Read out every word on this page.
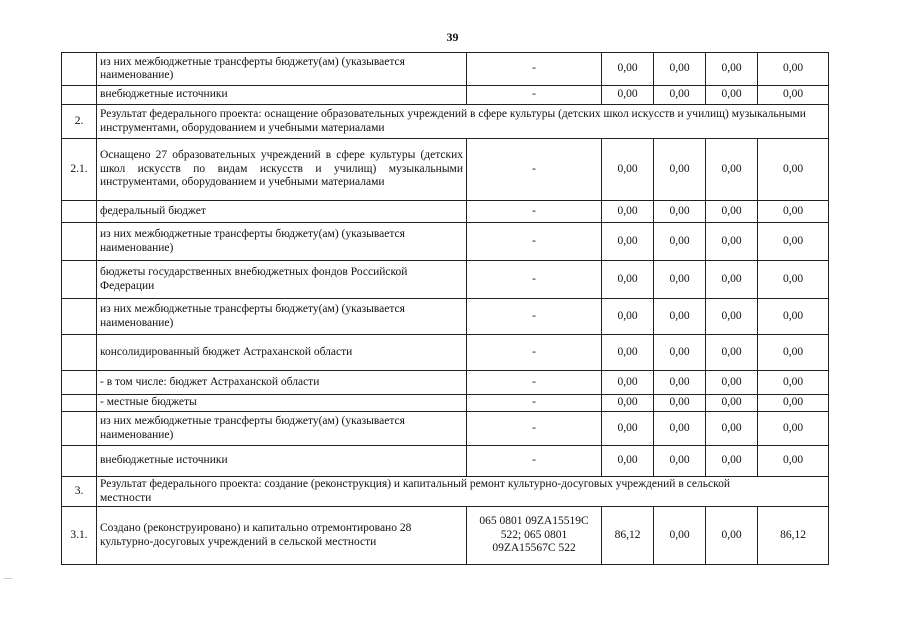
39
	из них межбюджетные трансферты бюджету(ам) (указывается наименование)	-	0,00	0,00	0,00	0,00
	внебюджетные источники	-	0,00	0,00	0,00	0,00
2.	Результат федерального проекта: оснащение образовательных учреждений в сфере культуры (детских школ искусств и училищ) музыкальными инструментами, оборудованием и учебными материалами					
2.1.	Оснащено 27 образовательных учреждений в сфере культуры (детских школ искусств по видам искусств и училищ) музыкальными инструментами, оборудованием и учебными материалами	-	0,00	0,00	0,00	0,00
	федеральный бюджет	-	0,00	0,00	0,00	0,00
	из них межбюджетные трансферты бюджету(ам) (указывается наименование)	-	0,00	0,00	0,00	0,00
	бюджеты государственных внебюджетных фондов Российской Федерации	-	0,00	0,00	0,00	0,00
	из них межбюджетные трансферты бюджету(ам) (указывается наименование)	-	0,00	0,00	0,00	0,00
	консолидированный бюджет Астраханской области	-	0,00	0,00	0,00	0,00
	- в том числе: бюджет Астраханской области	-	0,00	0,00	0,00	0,00
	- местные бюджеты	-	0,00	0,00	0,00	0,00
	из них межбюджетные трансферты бюджету(ам) (указывается наименование)	-	0,00	0,00	0,00	0,00
	внебюджетные источники	-	0,00	0,00	0,00	0,00
3.	Результат федерального проекта: создание (реконструкция) и капитальный ремонт культурно-досуговых учреждений в сельской местности					
3.1.	Создано (реконструировано) и капитально отремонтировано 28 культурно-досуговых учреждений в сельской местности	065 0801 09ZA15519С 522; 065 0801 09ZA15567С 522	86,12	0,00	0,00	86,12
